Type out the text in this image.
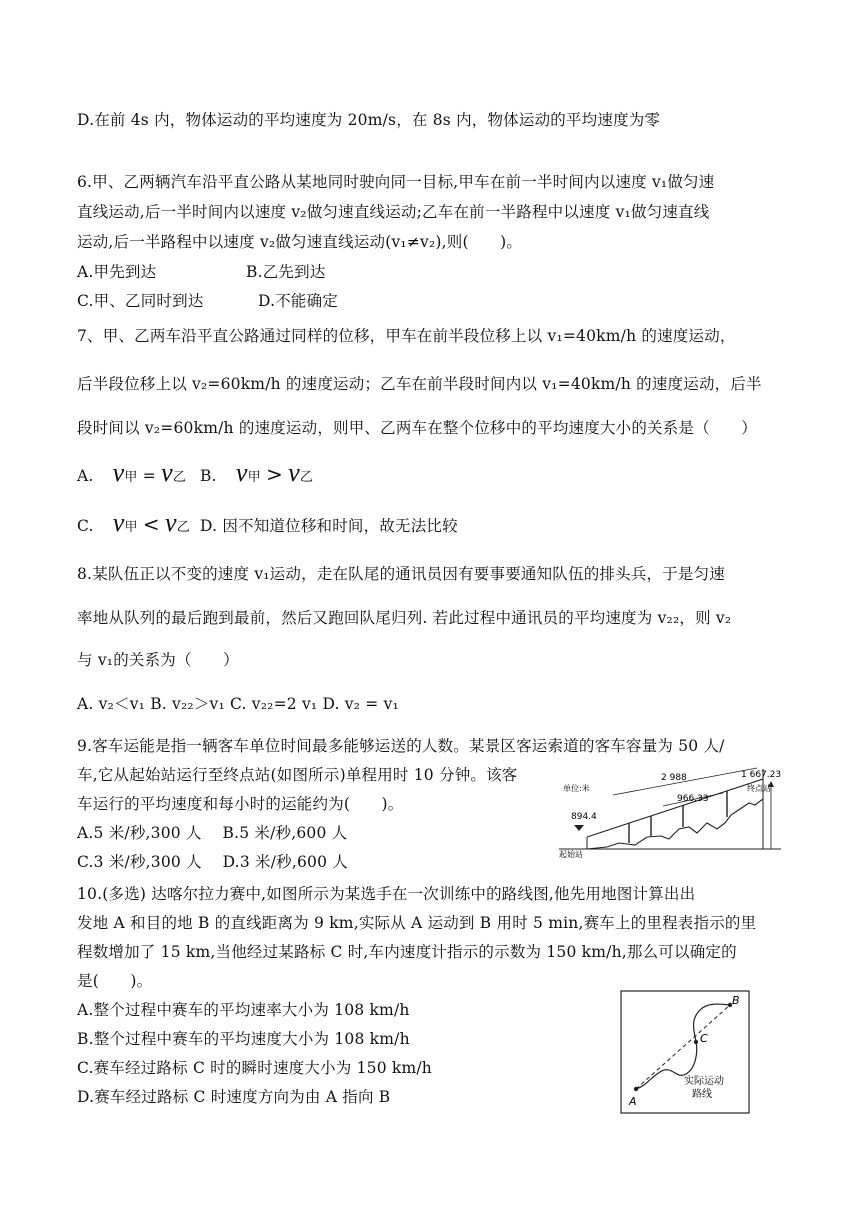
D.在前 4s 内，物体运动的平均速度为 20m/s，在 8s 内，物体运动的平均速度为零
6.甲、乙两辆汽车沿平直公路从某地同时驶向同一目标,甲车在前一半时间内以速度 v₁做匀速
直线运动,后一半时间内以速度 v₂做匀速直线运动;乙车在前一半路程中以速度 v₁做匀速直线
运动,后一半路程中以速度 v₂做匀速直线运动(v₁≠v₂),则(　　)。
A.甲先到达	B.乙先到达
C.甲、乙同时到达	D.不能确定
7、甲、乙两车沿平直公路通过同样的位移，甲车在前半段位移上以 v₁=40km/h 的速度运动，
后半段位移上以 v₂=60km/h 的速度运动；乙车在前半段时间内以 v₁=40km/h 的速度运动，后半
段时间以 v₂=60km/h 的速度运动，则甲、乙两车在整个位移中的平均速度大小的关系是（　　）
A. v甲 = v乙 B. v甲 > v乙
C. v甲 < v乙 D. 因不知道位移和时间，故无法比较
8.某队伍正以不变的速度 v₁运动，走在队尾的通讯员因有要事要通知队伍的排头兵，于是匀速
率地从队列的最后跑到最前，然后又跑回队尾归列. 若此过程中通讯员的平均速度为 v₂₂，则 v₂
与 v₁的关系为（　　）
A. v₂＜v₁ B. v₂₂＞v₁ C. v₂₂=2 v₁ D. v₂ = v₁
9.客车运能是指一辆客车单位时间最多能够运送的人数。某景区客运索道的客车容量为 50 人/
车,它从起始站运行至终点站(如图所示)单程用时 10 分钟。该客
车运行的平均速度和每小时的运能约为(　　)。
A.5 米/秒,300 人　 B.5 米/秒,600 人
C.3 米/秒,300 人　 D.3 米/秒,600 人
单位:米
2 988
966.33
1 667.23
终点站
894.4
起始站
10.(多选) 达喀尔拉力赛中,如图所示为某选手在一次训练中的路线图,他先用地图计算出出
发地 A 和目的地 B 的直线距离为 9 km,实际从 A 运动到 B 用时 5 min,赛车上的里程表指示的里
程数增加了 15 km,当他经过某路标 C 时,车内速度计指示的示数为 150 km/h,那么可以确定的
是(　　)。
A.整个过程中赛车的平均速率大小为 108 km/h
B.整个过程中赛车的平均速度大小为 108 km/h
C.赛车经过路标 C 时的瞬时速度大小为 150 km/h
D.赛车经过路标 C 时速度方向为由 A 指向 B	A
B
C
实际运动
路线
